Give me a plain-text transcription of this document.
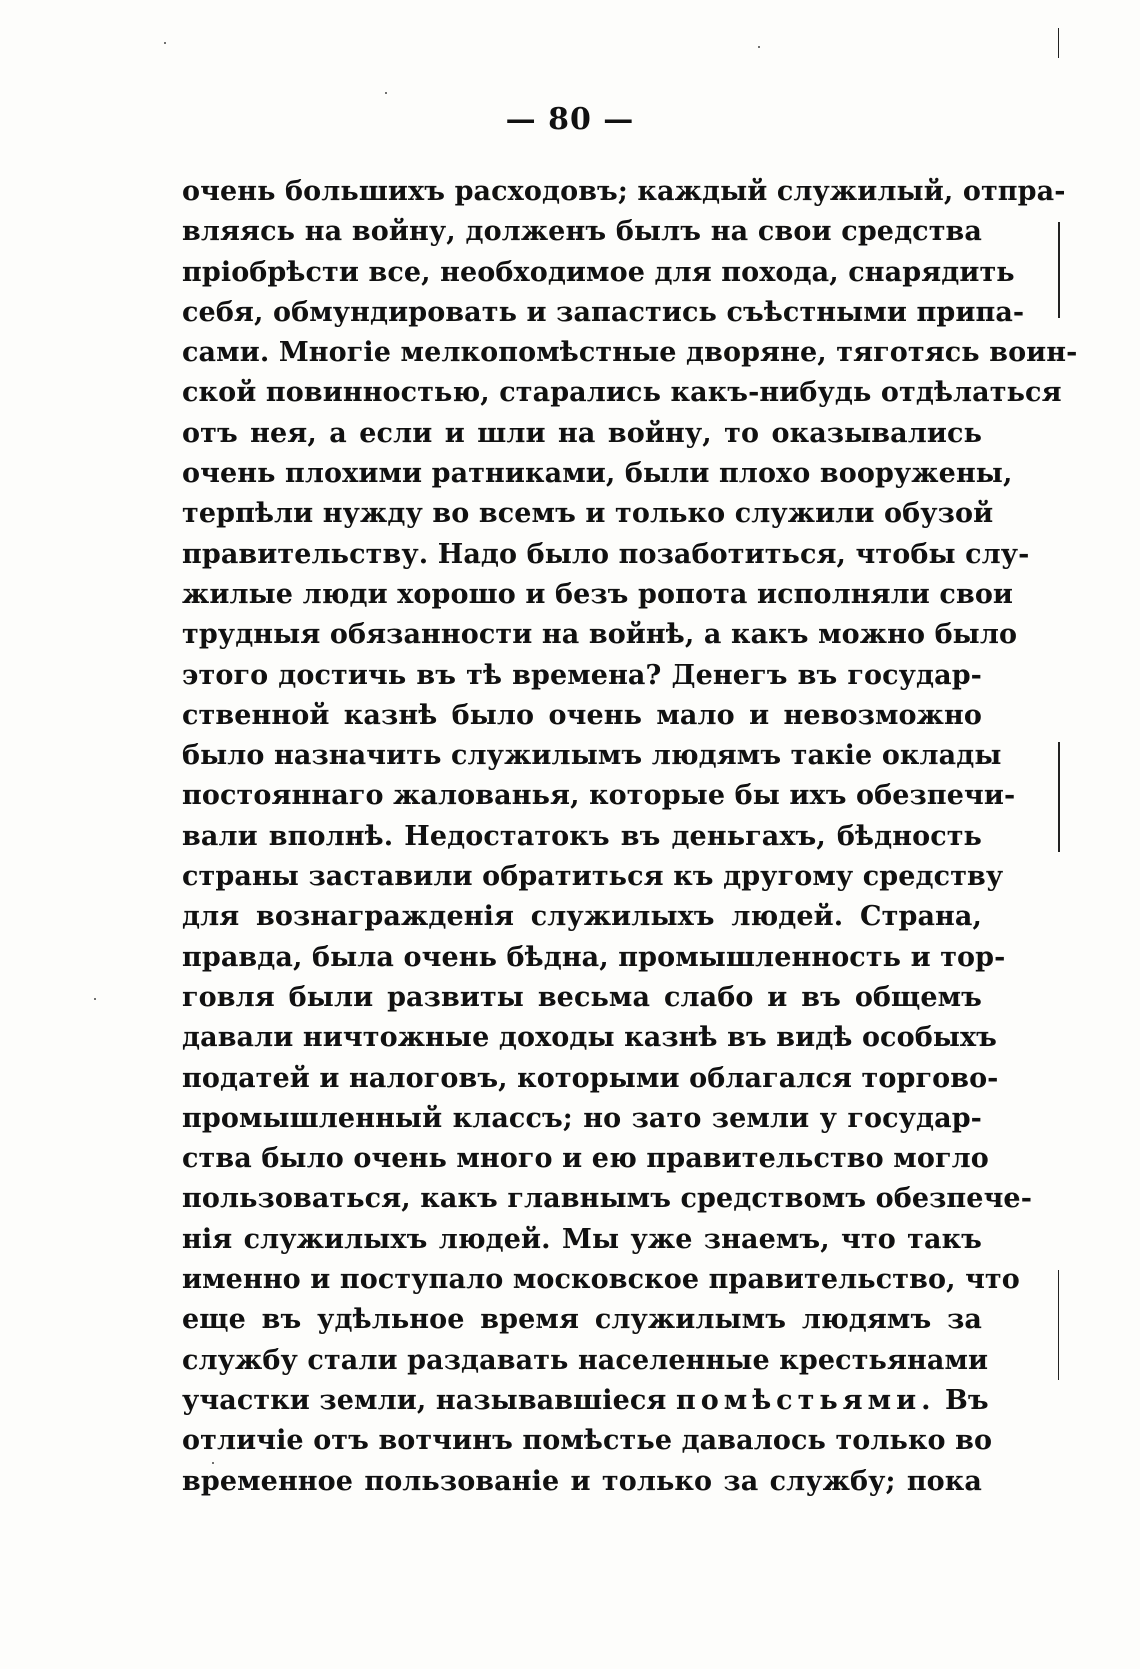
— 80 —
очень большихъ расходовъ; каждый служилый, отпра-
вляясь на войну, долженъ былъ на свои средства
пріобрѣсти все, необходимое для похода, снарядить
себя, обмундировать и запастись съѣстными припа-
сами. Многіе мелкопомѣстные дворяне, тяготясь воин-
ской повинностью, старались какъ-нибудь отдѣлаться
отъ нея, а если и шли на войну, то оказывались
очень плохими ратниками, были плохо вооружены,
терпѣли нужду во всемъ и только служили обузой
правительству. Надо было позаботиться, чтобы слу-
жилые люди хорошо и безъ ропота исполняли свои
трудныя обязанности на войнѣ, а какъ можно было
этого достичь въ тѣ времена? Денегъ въ государ-
ственной казнѣ было очень мало и невозможно
было назначить служилымъ людямъ такіе оклады
постояннаго жалованья, которые бы ихъ обезпечи-
вали вполнѣ. Недостатокъ въ деньгахъ, бѣдность
страны заставили обратиться къ другому средству
для вознагражденія служилыхъ людей. Страна,
правда, была очень бѣдна, промышленность и тор-
говля были развиты весьма слабо и въ общемъ
давали ничтожные доходы казнѣ въ видѣ особыхъ
податей и налоговъ, которыми облагался торгово-
промышленный классъ; но зато земли у государ-
ства было очень много и ею правительство могло
пользоваться, какъ главнымъ средствомъ обезпече-
нія служилыхъ людей. Мы уже знаемъ, что такъ
именно и поступало московское правительство, что
еще въ удѣльное время служилымъ людямъ за
службу стали раздавать населенные крестьянами
участки земли, называвшіеся помѣстьями. Въ
отличіе отъ вотчинъ помѣстье давалось только во
временное пользованіе и только за службу; пока
